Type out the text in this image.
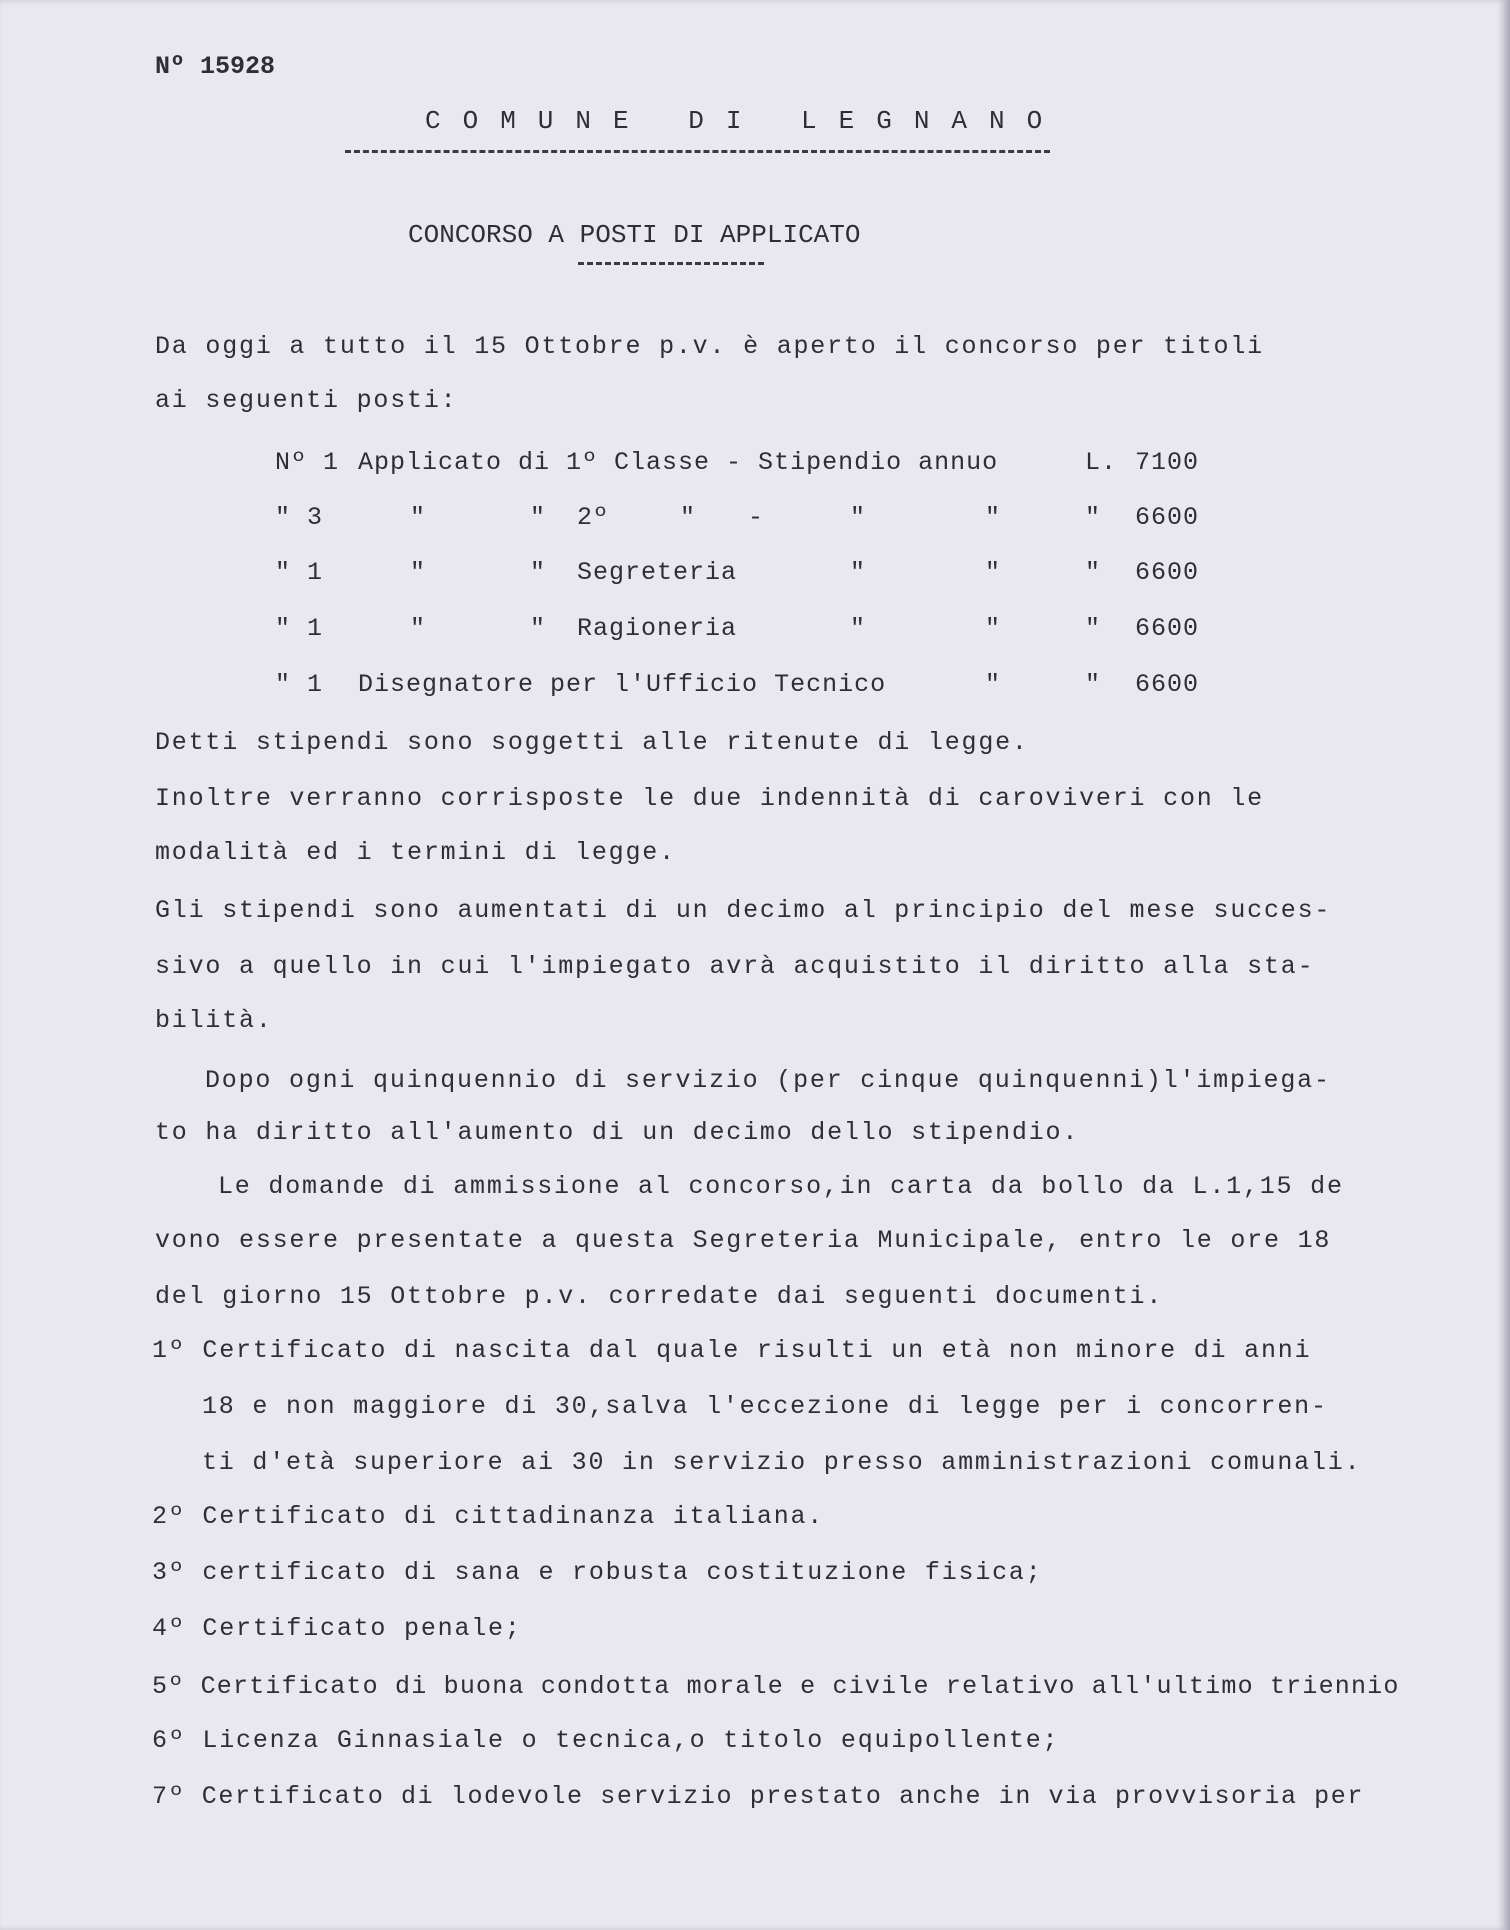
Nº 15928
COMUNE DI LEGNANO
CONCORSO A POSTI DI APPLICATO
Da oggi a tutto il 15 Ottobre p.v. è aperto il concorso per titoli
ai seguenti posti:
Nº 1 Applicato di 1º Classe - Stipendio annuo	L. 7100
" 3	"	" 2º	" -	"	"	" 6600
" 1	"	" Segreteria	"	"	" 6600
" 1	"	" Ragioneria	"	"	" 6600
" 1 Disegnatore per l'Ufficio Tecnico	"	" 6600
Detti stipendi sono soggetti alle ritenute di legge.
Inoltre verranno corrisposte le due indennità di caroviveri con le
modalità ed i termini di legge.
Gli stipendi sono aumentati di un decimo al principio del mese succes-
sivo a quello in cui l'impiegato avrà acquistito il diritto alla sta-
bilità.
Dopo ogni quinquennio di servizio (per cinque quinquenni)l'impiega-
to ha diritto all'aumento di un decimo dello stipendio.
Le domande di ammissione al concorso,in carta da bollo da L.1,15 de
vono essere presentate a questa Segreteria Municipale, entro le ore 18
del giorno 15 Ottobre p.v. corredate dai seguenti documenti.
1º Certificato di nascita dal quale risulti un età non minore di anni
18 e non maggiore di 30,salva l'eccezione di legge per i concorren-
ti d'età superiore ai 30 in servizio presso amministrazioni comunali.
2º Certificato di cittadinanza italiana.
3º certificato di sana e robusta costituzione fisica;
4º Certificato penale;
5º Certificato di buona condotta morale e civile relativo all'ultimo triennio
6º Licenza Ginnasiale o tecnica,o titolo equipollente;
7º Certificato di lodevole servizio prestato anche in via provvisoria per
